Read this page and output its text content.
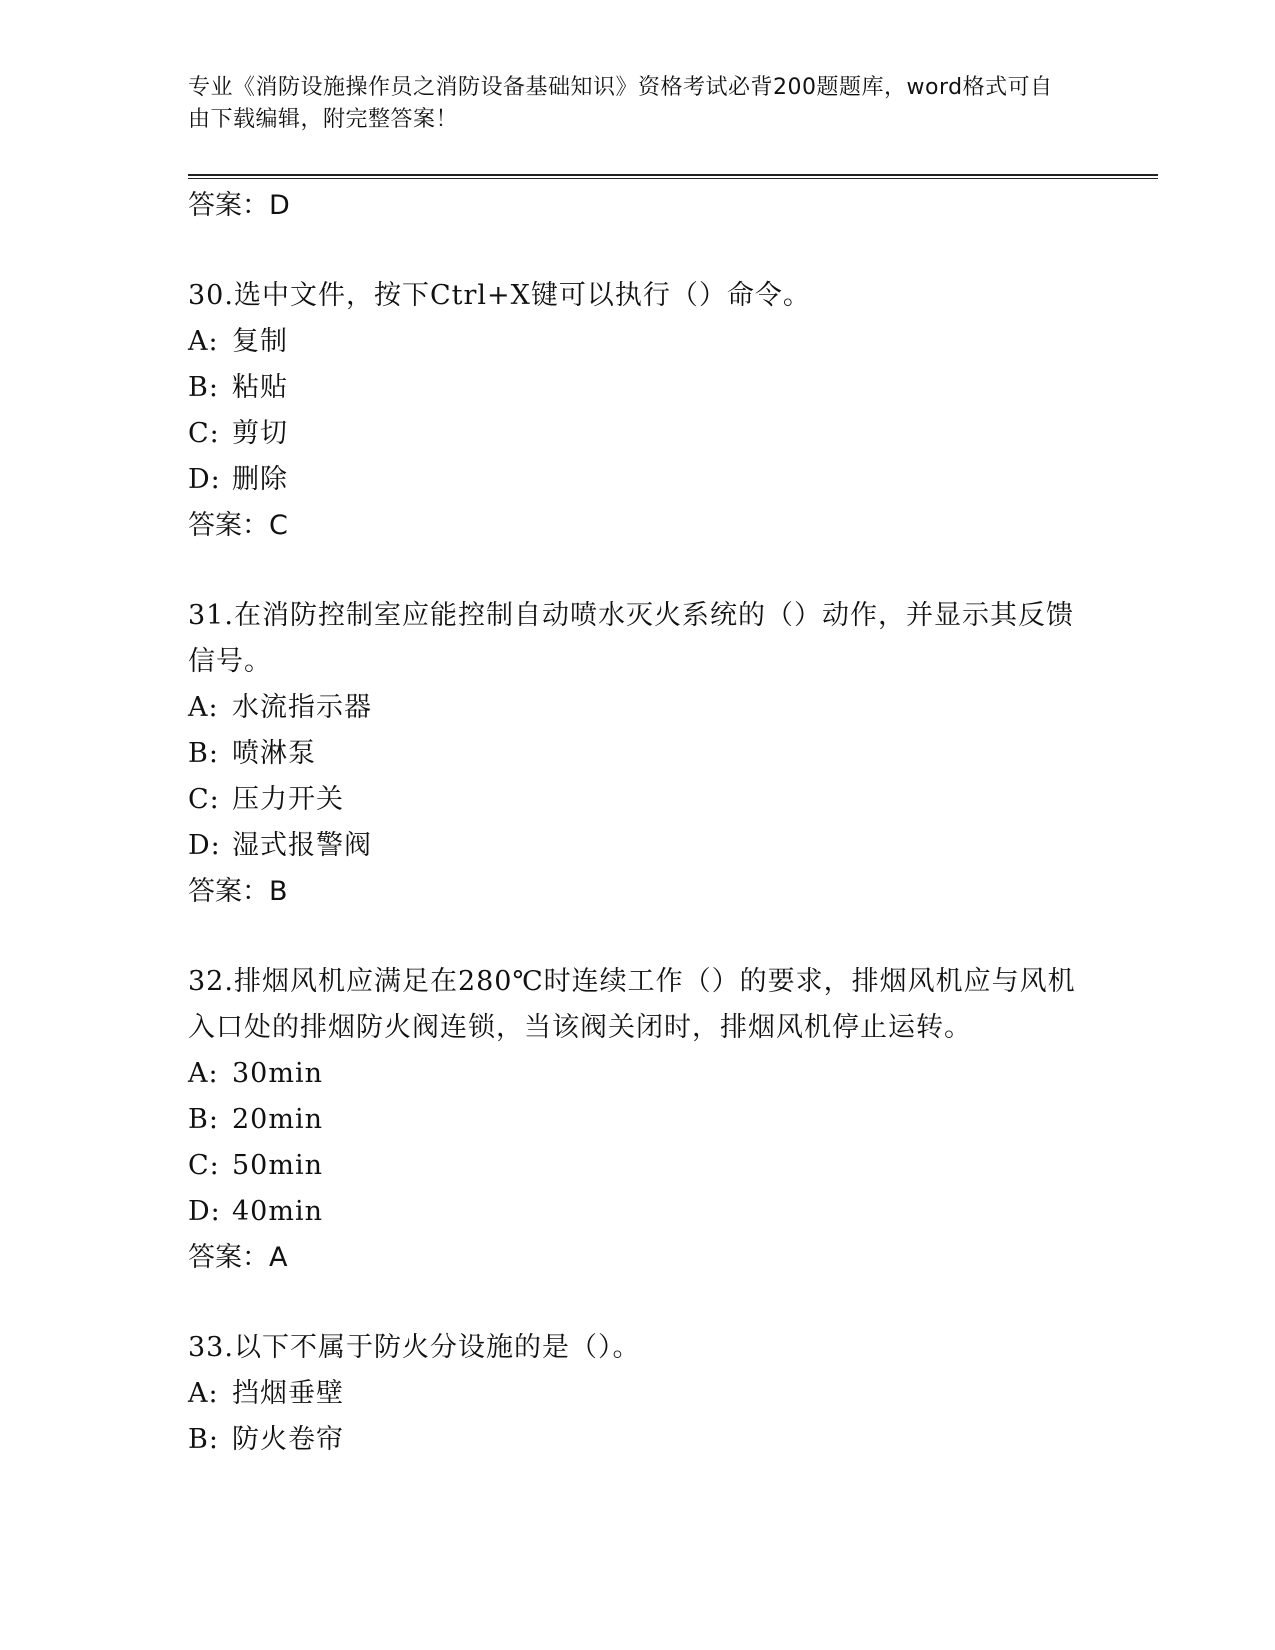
专业《消防设施操作员之消防设备基础知识》资格考试必背200题题库，word格式可自由下载编辑，附完整答案！
答案：D
30.选中文件，按下Ctrl+X键可以执行（）命令。
A: 复制
B: 粘贴
C: 剪切
D: 删除
答案：C
31.在消防控制室应能控制自动喷水灭火系统的（）动作，并显示其反馈信号。
A: 水流指示器
B: 喷淋泵
C: 压力开关
D: 湿式报警阀
答案：B
32.排烟风机应满足在280℃时连续工作（）的要求，排烟风机应与风机入口处的排烟防火阀连锁，当该阀关闭时，排烟风机停止运转。
A: 30min
B: 20min
C: 50min
D: 40min
答案：A
33.以下不属于防火分设施的是（）。
A: 挡烟垂壁
B: 防火卷帘
